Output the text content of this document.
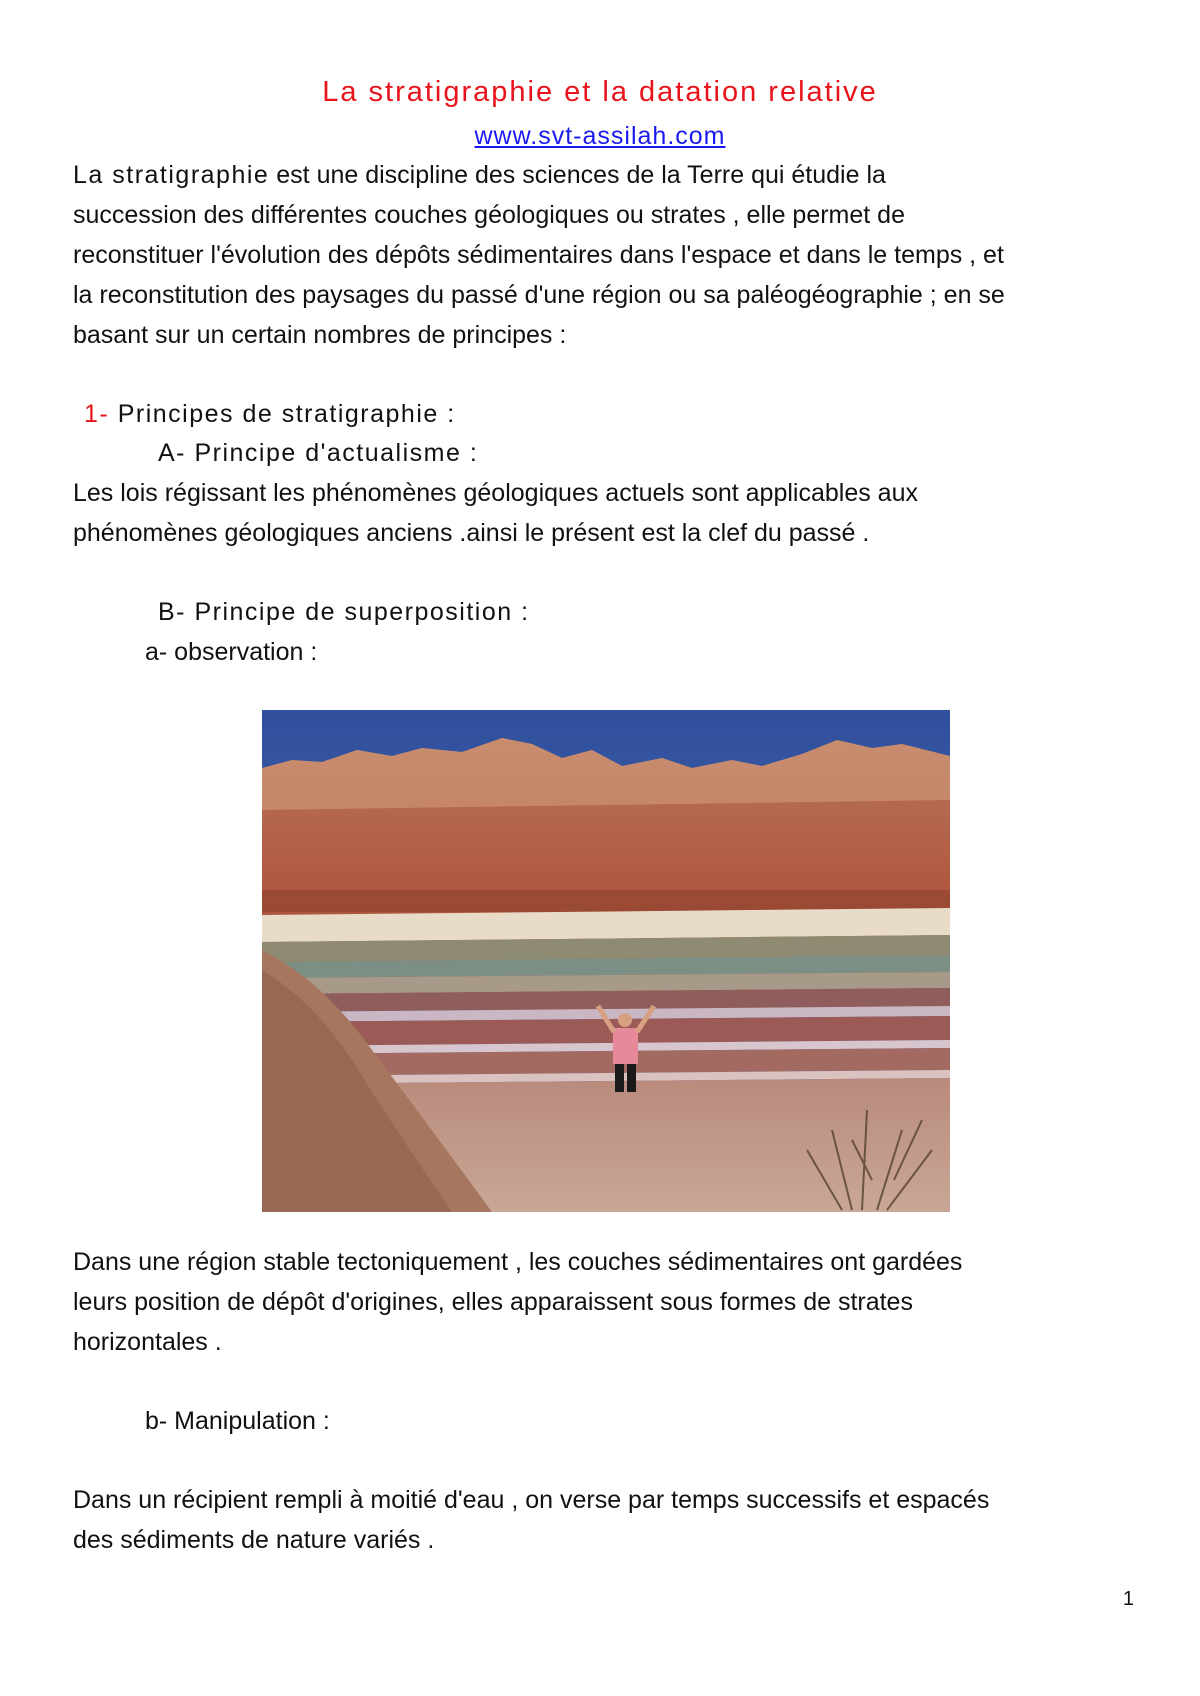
La stratigraphie et la datation relative
www.svt-assilah.com
La stratigraphie est une discipline des sciences de la Terre qui étudie la
succession des différentes couches géologiques ou strates , elle permet de
reconstituer l'évolution des dépôts sédimentaires dans l'espace et dans le temps , et
la reconstitution des paysages du passé d'une région ou sa paléogéographie ; en se
basant sur un certain nombres de principes :
1- Principes de stratigraphie :
A- Principe d'actualisme :
Les lois régissant les phénomènes géologiques actuels sont applicables aux
phénomènes géologiques anciens .ainsi le présent est la clef du passé .
B- Principe de superposition :
a- observation :
Dans une région stable tectoniquement , les couches sédimentaires ont gardées
leurs position de dépôt d'origines, elles apparaissent sous formes de strates
horizontales .
b- Manipulation :
Dans un récipient rempli à moitié d'eau , on verse par temps successifs et espacés
des sédiments de nature variés .
1
